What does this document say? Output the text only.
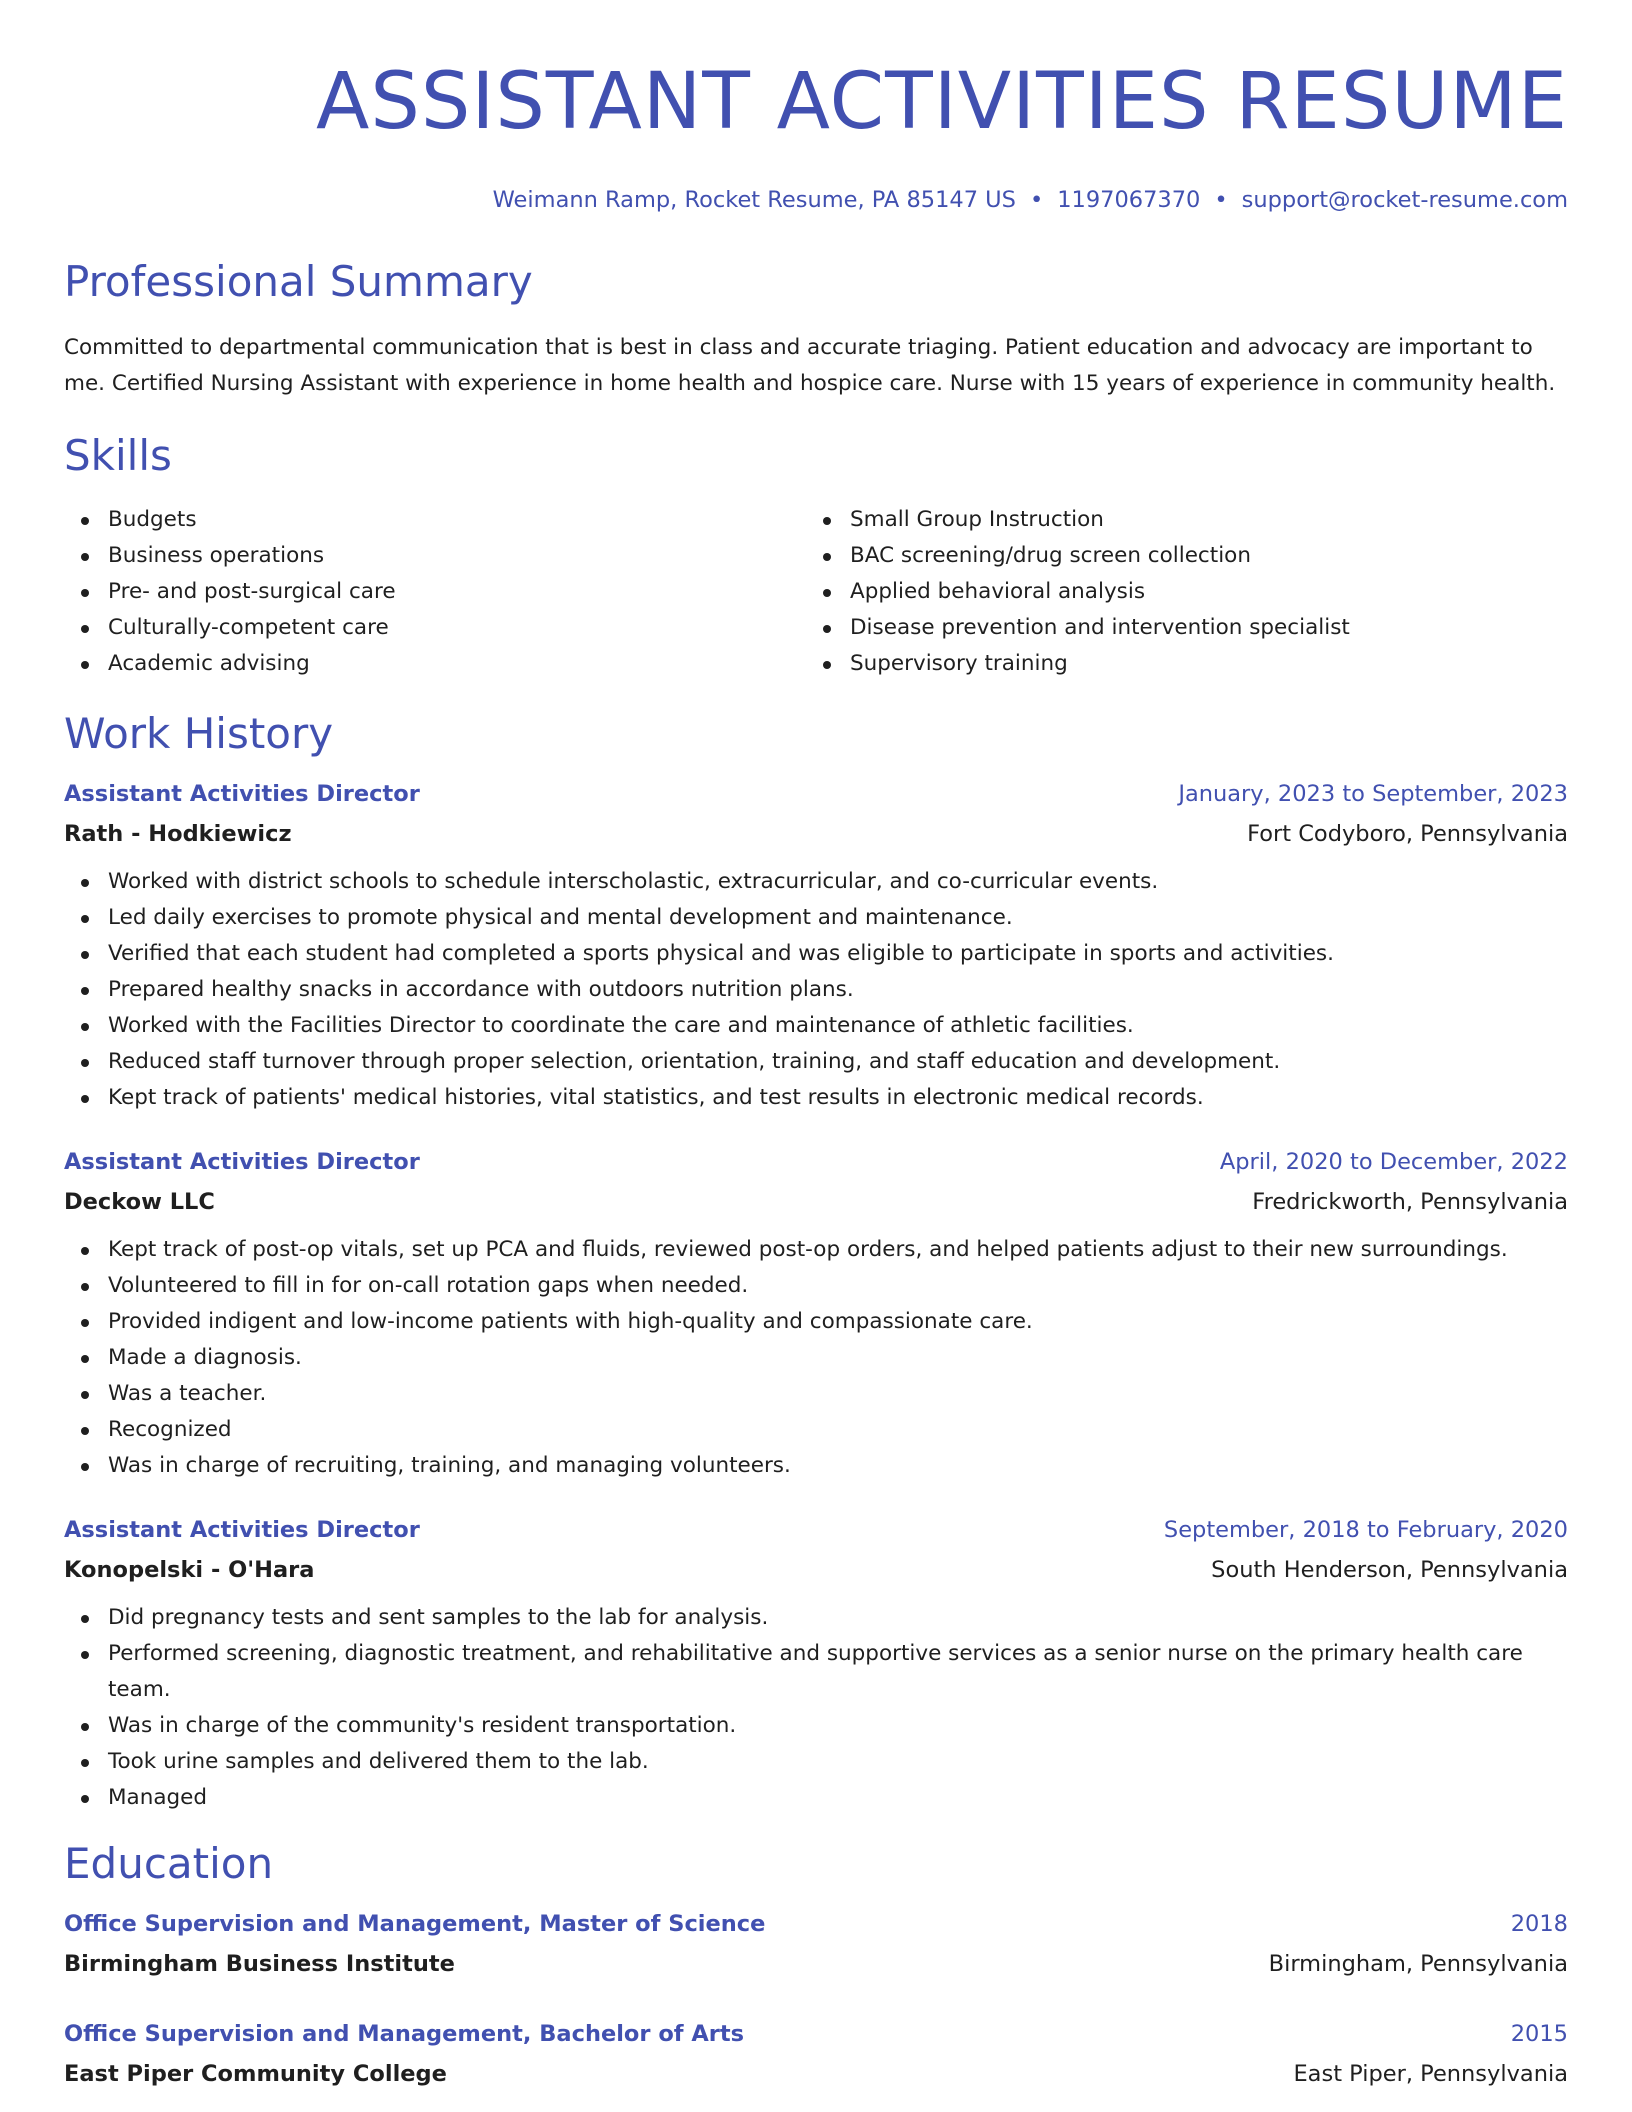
ASSISTANT ACTIVITIES RESUME
Weimann Ramp, Rocket Resume, PA 85147 US • 1197067370 • support@rocket-resume.com
Professional Summary

Committed to departmental communication that is best in class and accurate triaging. Patient education and advocacy are important to me. Certified Nursing Assistant with experience in home health and hospice care. Nurse with 15 years of experience in community health.

Skills
Budgets
Business operations
Pre- and post-surgical care
Culturally-competent care
Academic advising
Small Group Instruction
BAC screening/drug screen collection
Applied behavioral analysis
Disease prevention and intervention specialist
Supervisory training
Work History
Assistant Activities Director	January, 2023 to September, 2023
Rath - Hodkiewicz	Fort Codyboro, Pennsylvania
Worked with district schools to schedule interscholastic, extracurricular, and co-curricular events.
Led daily exercises to promote physical and mental development and maintenance.
Verified that each student had completed a sports physical and was eligible to participate in sports and activities.
Prepared healthy snacks in accordance with outdoors nutrition plans.
Worked with the Facilities Director to coordinate the care and maintenance of athletic facilities.
Reduced staff turnover through proper selection, orientation, training, and staff education and development.
Kept track of patients' medical histories, vital statistics, and test results in electronic medical records.
Assistant Activities Director	April, 2020 to December, 2022
Deckow LLC	Fredrickworth, Pennsylvania
Kept track of post-op vitals, set up PCA and fluids, reviewed post-op orders, and helped patients adjust to their new surroundings.
Volunteered to fill in for on-call rotation gaps when needed.
Provided indigent and low-income patients with high-quality and compassionate care.
Made a diagnosis.
Was a teacher.
Recognized
Was in charge of recruiting, training, and managing volunteers.
Assistant Activities Director	September, 2018 to February, 2020
Konopelski - O'Hara	South Henderson, Pennsylvania
Did pregnancy tests and sent samples to the lab for analysis.
Performed screening, diagnostic treatment, and rehabilitative and supportive services as a senior nurse on the primary health care team.
Was in charge of the community's resident transportation.
Took urine samples and delivered them to the lab.
Managed
Education
Office Supervision and Management, Master of Science	2018
Birmingham Business Institute	Birmingham, Pennsylvania
Office Supervision and Management, Bachelor of Arts	2015
East Piper Community College	East Piper, Pennsylvania
